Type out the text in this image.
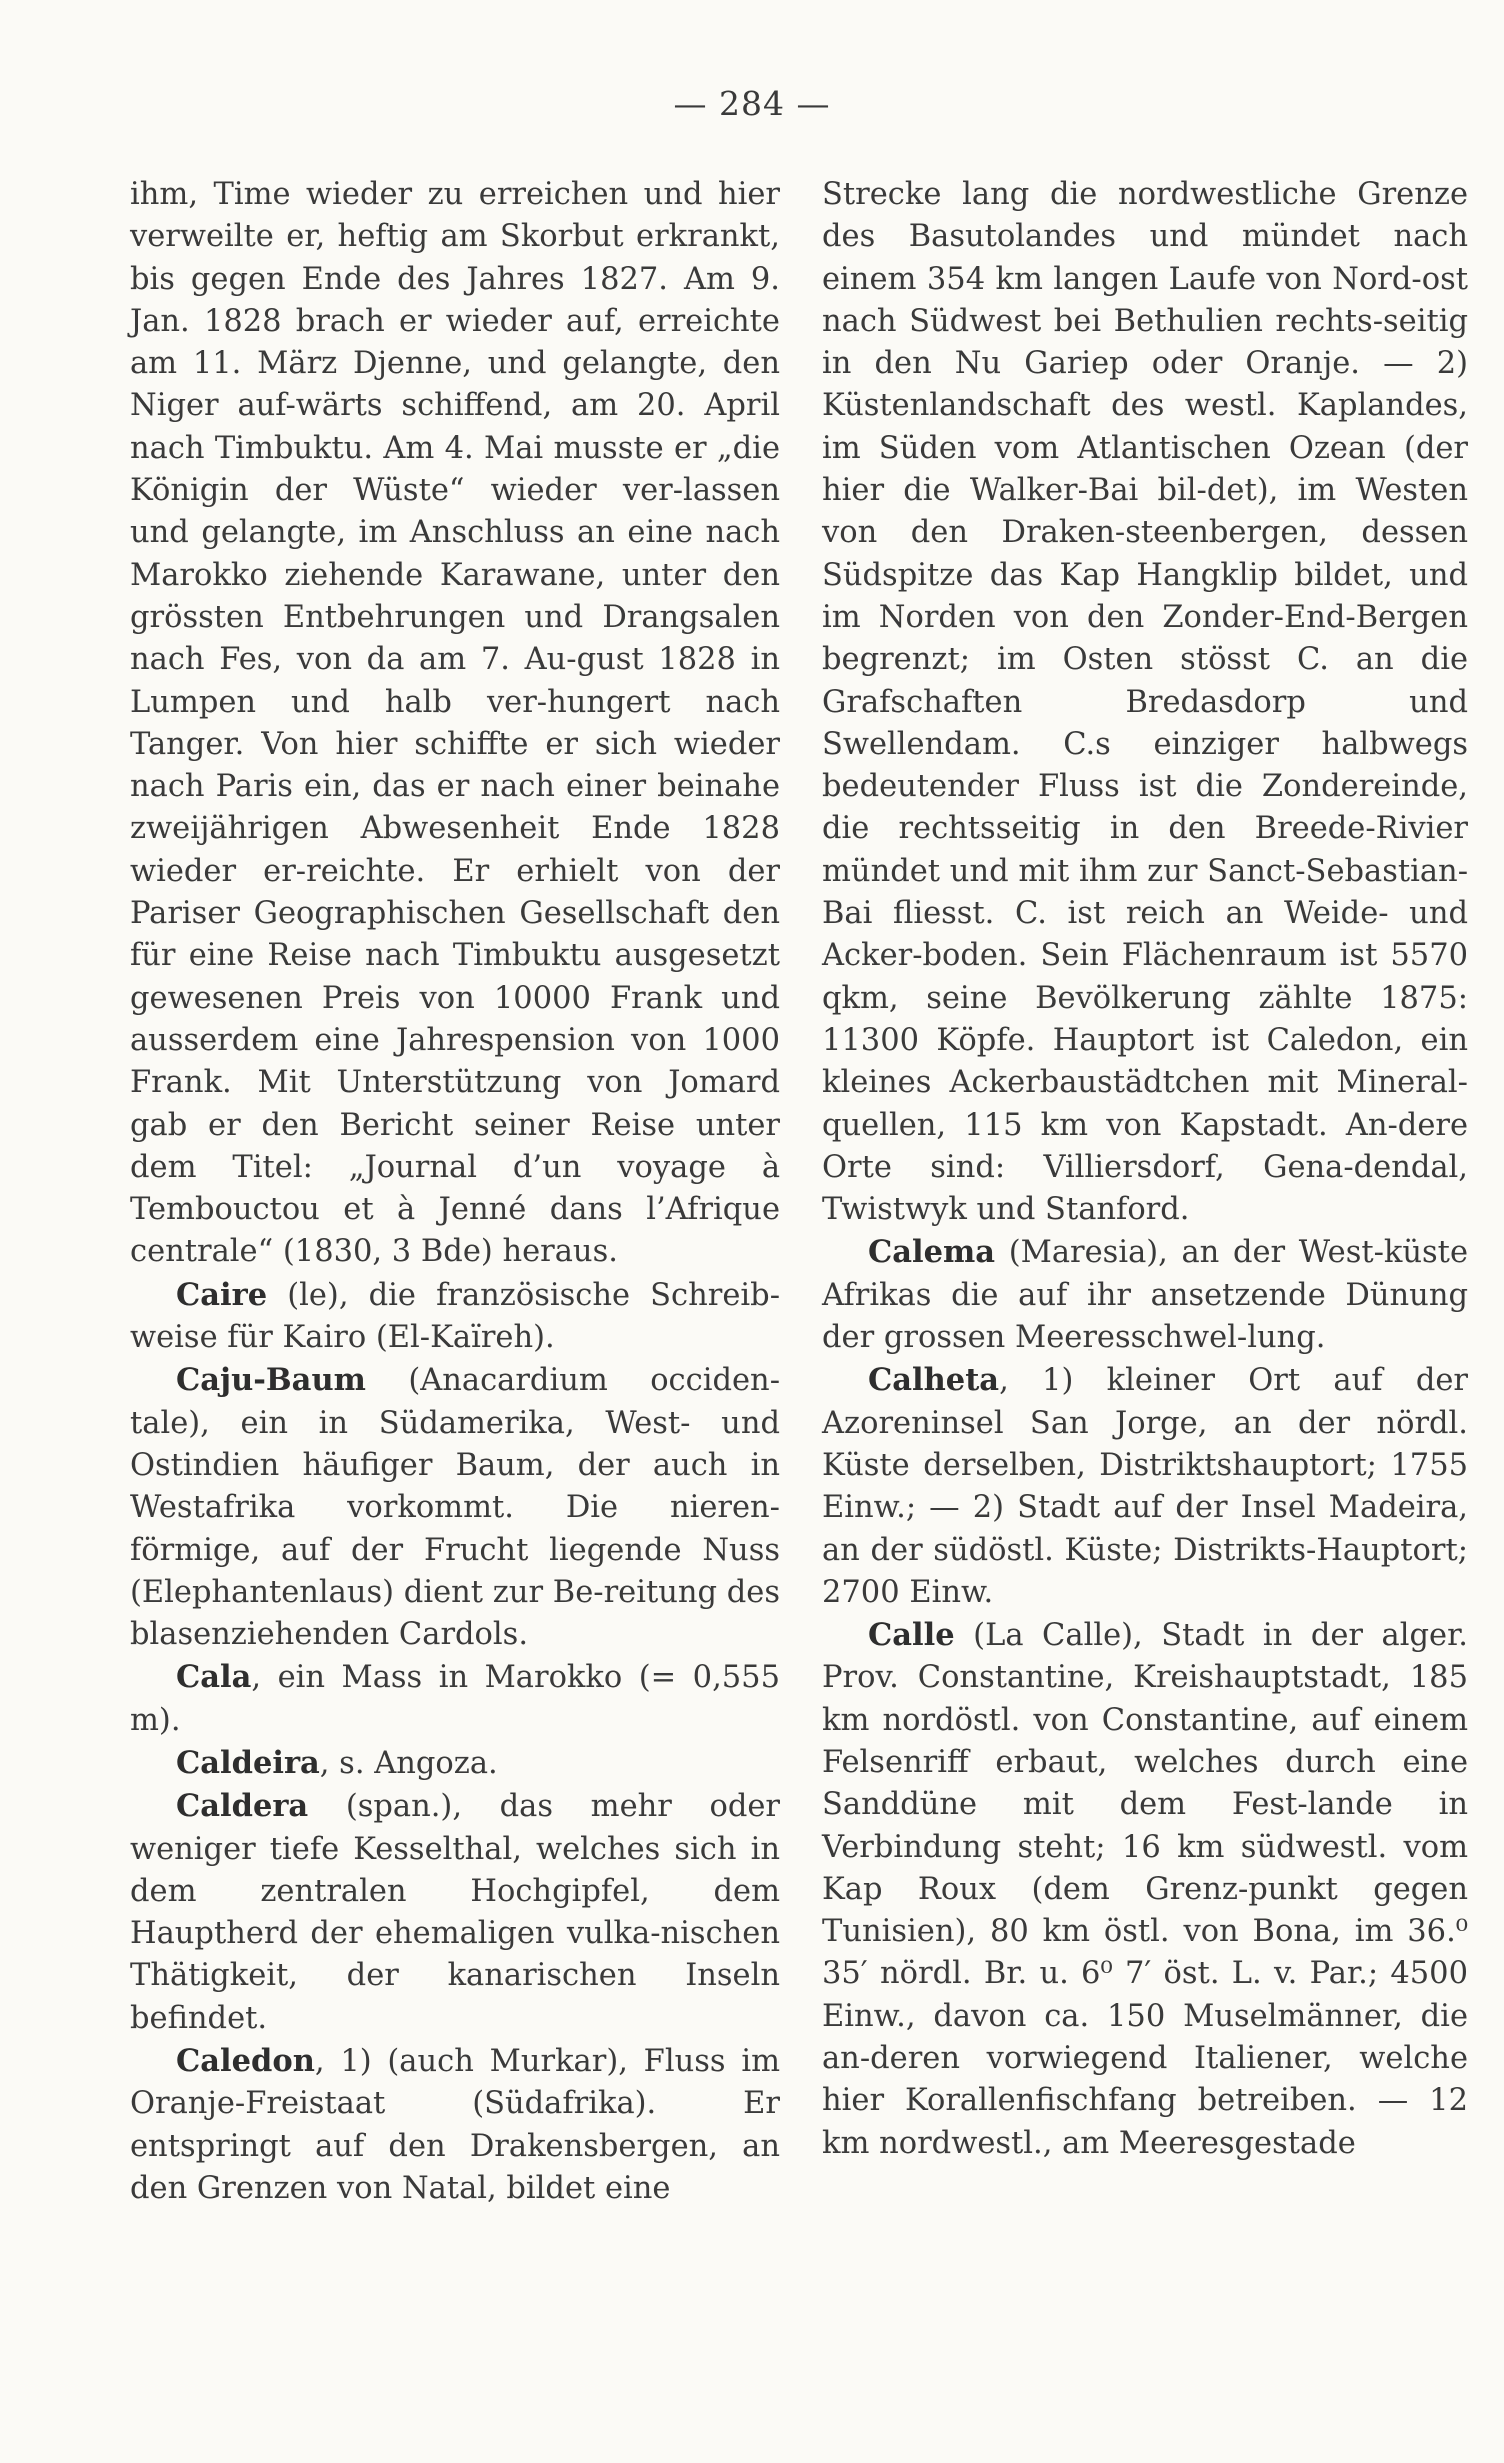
— 284 —

ihm, Time wieder zu erreichen und hier verweilte er, heftig am Skorbut erkrankt, bis gegen Ende des Jahres 1827. Am 9. Jan. 1828 brach er wieder auf, erreichte am 11. März Djenne, und gelangte, den Niger auf-wärts schiffend, am 20. April nach Timbuktu. Am 4. Mai musste er „die Königin der Wüste“ wieder ver-lassen und gelangte, im Anschluss an eine nach Marokko ziehende Karawane, unter den grössten Entbehrungen und Drangsalen nach Fes, von da am 7. Au-gust 1828 in Lumpen und halb ver-hungert nach Tanger. Von hier schiffte er sich wieder nach Paris ein, das er nach einer beinahe zweijährigen Abwesenheit Ende 1828 wieder er-reichte. Er erhielt von der Pariser Geographischen Gesellschaft den für eine Reise nach Timbuktu ausgesetzt gewesenen Preis von 10000 Frank und ausserdem eine Jahrespension von 1000 Frank. Mit Unterstützung von Jomard gab er den Bericht seiner Reise unter dem Titel: „Journal d’un voyage à Tembouctou et à Jenné dans l’Afrique centrale“ (1830, 3 Bde) heraus.

Caire (le), die französische Schreib-weise für Kairo (El-Kaïreh).

Caju-Baum (Anacardium occiden-tale), ein in Südamerika, West- und Ostindien häufiger Baum, der auch in Westafrika vorkommt. Die nieren-förmige, auf der Frucht liegende Nuss (Elephantenlaus) dient zur Be-reitung des blasenziehenden Cardols.

Cala, ein Mass in Marokko (= 0,555 m).

Caldeira, s. Angoza.

Caldera (span.), das mehr oder weniger tiefe Kesselthal, welches sich in dem zentralen Hochgipfel, dem Hauptherd der ehemaligen vulka-nischen Thätigkeit, der kanarischen Inseln befindet.

Caledon, 1) (auch Murkar), Fluss im Oranje-Freistaat (Südafrika). Er entspringt auf den Drakensbergen, an den Grenzen von Natal, bildet eine

Strecke lang die nordwestliche Grenze des Basutolandes und mündet nach einem 354 km langen Laufe von Nord-ost nach Südwest bei Bethulien rechts-seitig in den Nu Gariep oder Oranje. — 2) Küstenlandschaft des westl. Kaplandes, im Süden vom Atlantischen Ozean (der hier die Walker-Bai bil-det), im Westen von den Draken-steenbergen, dessen Südspitze das Kap Hangklip bildet, und im Norden von den Zonder-End-Bergen begrenzt; im Osten stösst C. an die Grafschaften Bredasdorp und Swellendam. C.s einziger halbwegs bedeutender Fluss ist die Zondereinde, die rechtsseitig in den Breede-Rivier mündet und mit ihm zur Sanct-Sebastian-Bai fliesst. C. ist reich an Weide- und Acker-boden. Sein Flächenraum ist 5570 qkm, seine Bevölkerung zählte 1875: 11300 Köpfe. Hauptort ist Caledon, ein kleines Ackerbaustädtchen mit Mineral-quellen, 115 km von Kapstadt. An-dere Orte sind: Villiersdorf, Gena-dendal, Twistwyk und Stanford.

Calema (Maresia), an der West-küste Afrikas die auf ihr ansetzende Dünung der grossen Meeresschwel-lung.

Calheta, 1) kleiner Ort auf der Azoreninsel San Jorge, an der nördl. Küste derselben, Distriktshauptort; 1755 Einw.; — 2) Stadt auf der Insel Madeira, an der südöstl. Küste; Distrikts-Hauptort; 2700 Einw.

Calle (La Calle), Stadt in der alger. Prov. Constantine, Kreishauptstadt, 185 km nordöstl. von Constantine, auf einem Felsenriff erbaut, welches durch eine Sanddüne mit dem Fest-lande in Verbindung steht; 16 km südwestl. vom Kap Roux (dem Grenz-punkt gegen Tunisien), 80 km östl. von Bona, im 36.⁰ 35′ nördl. Br. u. 6⁰ 7′ öst. L. v. Par.; 4500 Einw., davon ca. 150 Muselmänner, die an-deren vorwiegend Italiener, welche hier Korallenfischfang betreiben. — 12 km nordwestl., am Meeresgestade
